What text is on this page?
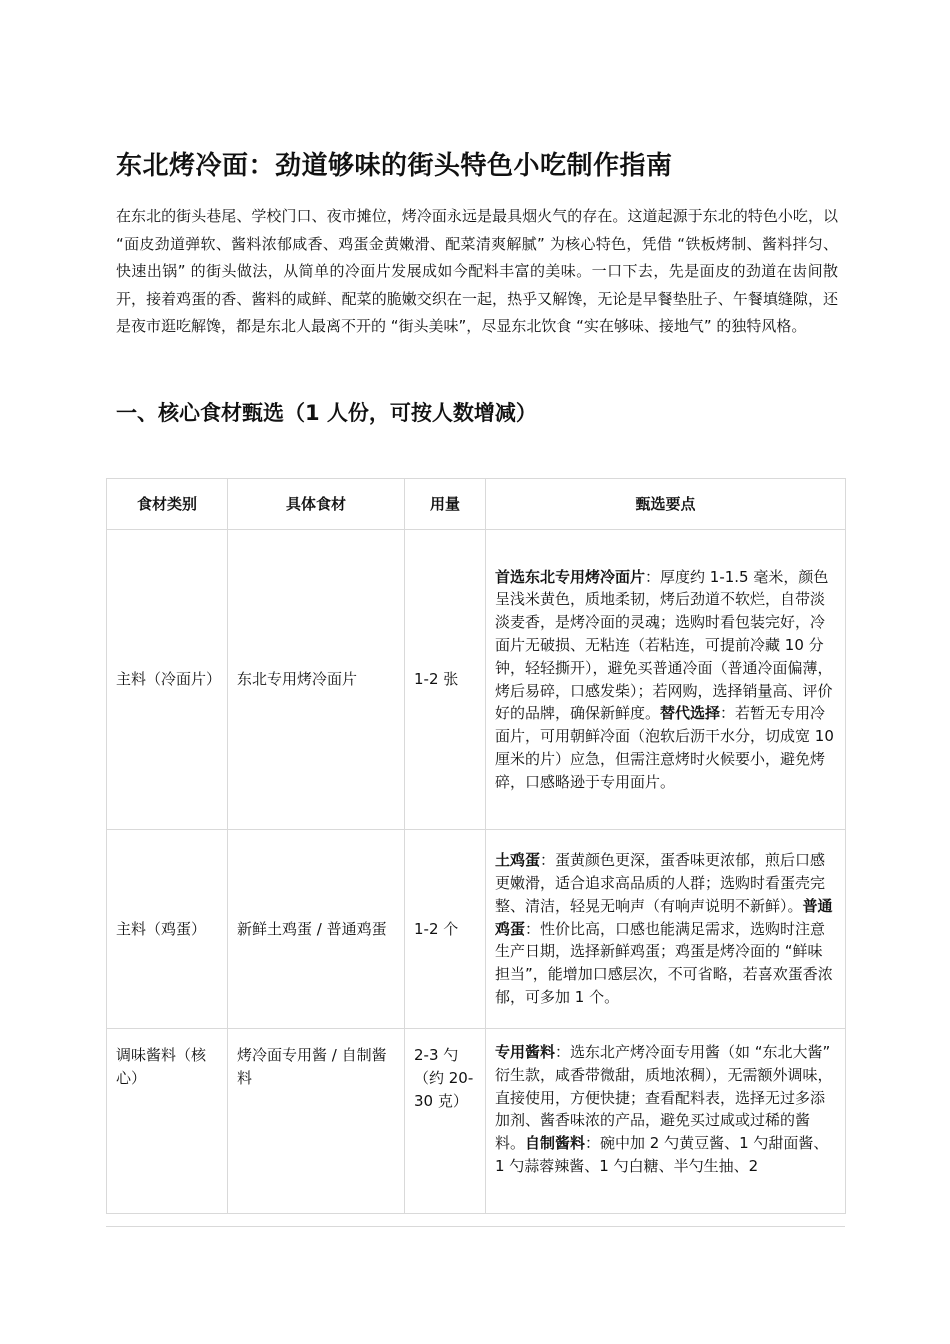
东北烤冷面：劲道够味的街头特色小吃制作指南

在东北的街头巷尾、学校门口、夜市摊位，烤冷面永远是最具烟火气的存在。这道起源于东北的特色小吃，以 “面皮劲道弹软、酱料浓郁咸香、鸡蛋金黄嫩滑、配菜清爽解腻” 为核心特色，凭借 “铁板烤制、酱料拌匀、快速出锅” 的街头做法，从简单的冷面片发展成如今配料丰富的美味。一口下去，先是面皮的劲道在齿间散开，接着鸡蛋的香、酱料的咸鲜、配菜的脆嫩交织在一起，热乎又解馋，无论是早餐垫肚子、午餐填缝隙，还是夜市逛吃解馋，都是东北人最离不开的 “街头美味”，尽显东北饮食 “实在够味、接地气” 的独特风格。

一、核心食材甄选（1 人份，可按人数增减）
食材类别	具体食材	用量	甄选要点
主料（冷面片）	东北专用烤冷面片	1-2 张	首选东北专用烤冷面片：厚度约 1-1.5 毫米，颜色呈浅米黄色，质地柔韧，烤后劲道不软烂，自带淡淡麦香，是烤冷面的灵魂；选购时看包装完好，冷面片无破损、无粘连（若粘连，可提前冷藏 10 分钟，轻轻撕开），避免买普通冷面（普通冷面偏薄，烤后易碎，口感发柴）；若网购，选择销量高、评价好的品牌，确保新鲜度。替代选择：若暂无专用冷面片，可用朝鲜冷面（泡软后沥干水分，切成宽 10 厘米的片）应急，但需注意烤时火候要小，避免烤碎，口感略逊于专用面片。
主料（鸡蛋）	新鲜土鸡蛋 / 普通鸡蛋	1-2 个	土鸡蛋：蛋黄颜色更深，蛋香味更浓郁，煎后口感更嫩滑，适合追求高品质的人群；选购时看蛋壳完整、清洁，轻晃无响声（有响声说明不新鲜）。普通鸡蛋：性价比高，口感也能满足需求，选购时注意生产日期，选择新鲜鸡蛋；鸡蛋是烤冷面的 “鲜味担当”，能增加口感层次，不可省略，若喜欢蛋香浓郁，可多加 1 个。
调味酱料（核心）	烤冷面专用酱 / 自制酱料	2-3 勺（约 20-30 克）	专用酱料：选东北产烤冷面专用酱（如 “东北大酱” 衍生款，咸香带微甜，质地浓稠），无需额外调味，直接使用，方便快捷；查看配料表，选择无过多添加剂、酱香味浓的产品，避免买过咸或过稀的酱料。自制酱料：碗中加 2 勺黄豆酱、1 勺甜面酱、1 勺蒜蓉辣酱、1 勺白糖、半勺生抽、2
